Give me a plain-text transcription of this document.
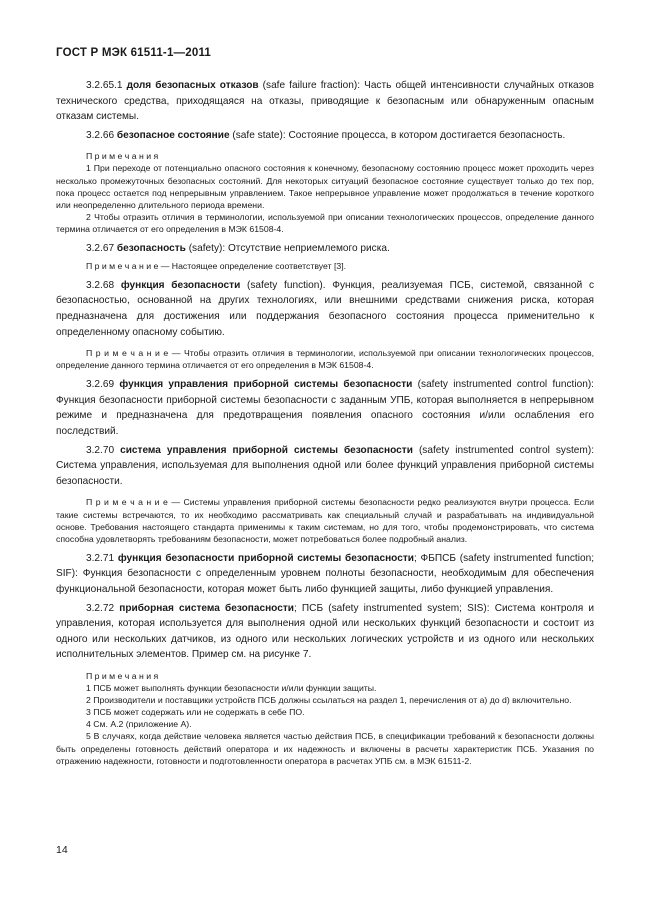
ГОСТ Р МЭК 61511-1—2011

3.2.65.1 доля безопасных отказов (safe failure fraction): Часть общей интенсивности случайных отказов технического средства, приходящаяся на отказы, приводящие к безопасным или обнаруженным опасным отказам системы.

3.2.66 безопасное состояние (safe state): Состояние процесса, в котором достигается безопасность.

П р и м е ч а н и я

1 При переходе от потенциально опасного состояния к конечному, безопасному состоянию процесс может проходить через несколько промежуточных безопасных состояний. Для некоторых ситуаций безопасное состояние существует только до тех пор, пока процесс остается под непрерывным управлением. Такое непрерывное управление может продолжаться в течение короткого или неопределенно длительного периода времени.

2 Чтобы отразить отличия в терминологии, используемой при описании технологических процессов, определение данного термина отличается от его определения в МЭК 61508-4.

3.2.67 безопасность (safety): Отсутствие неприемлемого риска.

П р и м е ч а н и е — Настоящее определение соответствует [3].

3.2.68 функция безопасности (safety function). Функция, реализуемая ПСБ, системой, связанной с безопасностью, основанной на других технологиях, или внешними средствами снижения риска, которая предназначена для достижения или поддержания безопасного состояния процесса применительно к определенному опасному событию.

П р и м е ч а н и е — Чтобы отразить отличия в терминологии, используемой при описании технологических процессов, определение данного термина отличается от его определения в МЭК 61508-4.

3.2.69 функция управления приборной системы безопасности (safety instrumented control function): Функция безопасности приборной системы безопасности с заданным УПБ, которая выполняется в непрерывном режиме и предназначена для предотвращения появления опасного состояния и/или ослабления его последствий.

3.2.70 система управления приборной системы безопасности (safety instrumented control system): Система управления, используемая для выполнения одной или более функций управления приборной системы безопасности.

П р и м е ч а н и е — Системы управления приборной системы безопасности редко реализуются внутри процесса. Если такие системы встречаются, то их необходимо рассматривать как специальный случай и разрабатывать на индивидуальной основе. Требования настоящего стандарта применимы к таким системам, но для того, чтобы продемонстрировать, что система способна удовлетворять требованиям безопасности, может потребоваться более подробный анализ.

3.2.71 функция безопасности приборной системы безопасности; ФБПСБ (safety instrumented function; SIF): Функция безопасности с определенным уровнем полноты безопасности, необходимым для обеспечения функциональной безопасности, которая может быть либо функцией защиты, либо функцией управления.

3.2.72 приборная система безопасности; ПСБ (safety instrumented system; SIS): Система контроля и управления, которая используется для выполнения одной или нескольких функций безопасности и состоит из одного или нескольких датчиков, из одного или нескольких логических устройств и из одного или нескольких исполнительных элементов. Пример см. на рисунке 7.

П р и м е ч а н и я

1 ПСБ может выполнять функции безопасности и/или функции защиты.

2 Производители и поставщики устройств ПСБ должны ссылаться на раздел 1, перечисления от а) до d) включительно.

3 ПСБ может содержать или не содержать в себе ПО.

4 См. А.2 (приложение А).

5 В случаях, когда действие человека является частью действия ПСБ, в спецификации требований к безопасности должны быть определены готовность действий оператора и их надежность и включены в расчеты характеристик ПСБ. Указания по отражению надежности, готовности и подготовленности оператора в расчетах УПБ см. в МЭК 61511-2.

14
